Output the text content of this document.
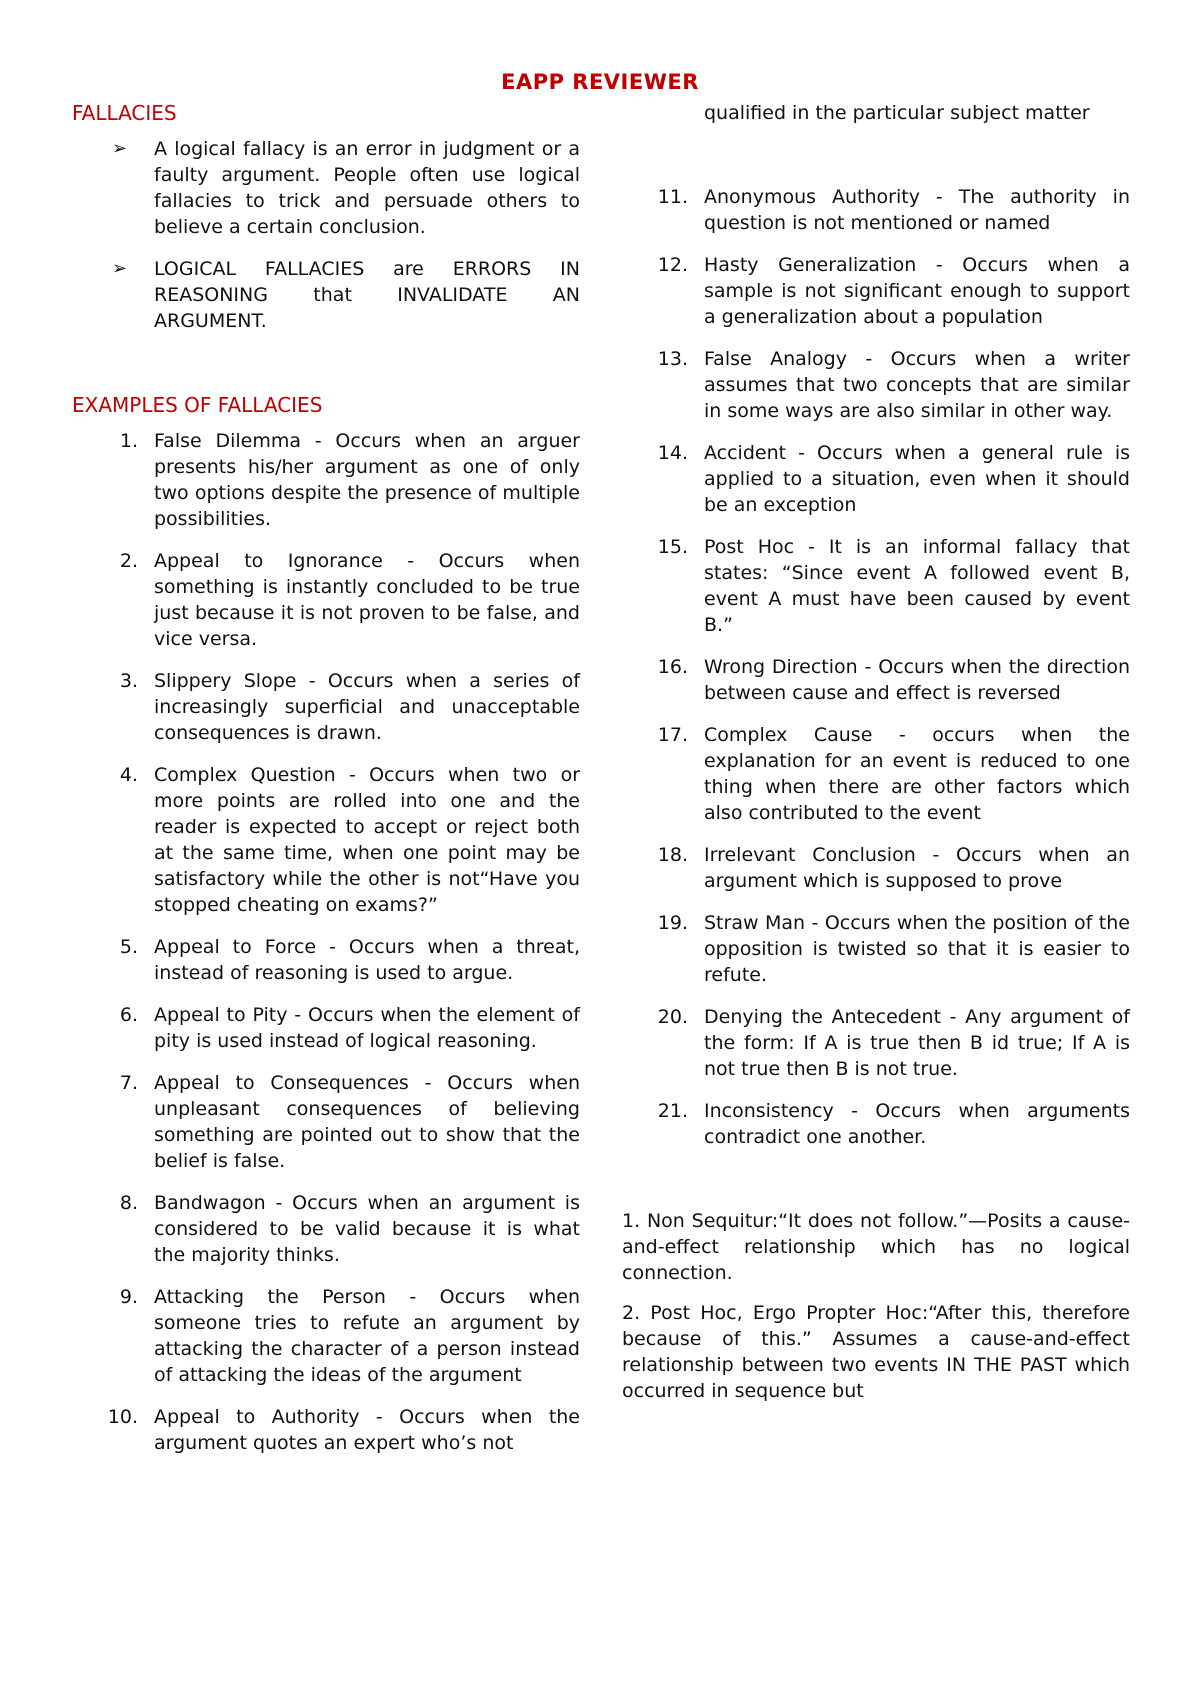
EAPP REVIEWER
FALLACIES
➢ A logical fallacy is an error in judgment or a faulty argument. People often use logical fallacies to trick and persuade others to believe a certain conclusion.
➢ LOGICAL FALLACIES are ERRORS IN REASONING that INVALIDATE AN ARGUMENT.
EXAMPLES OF FALLACIES
1. False Dilemma - Occurs when an arguer presents his/her argument as one of only two options despite the presence of multiple possibilities.
2. Appeal to Ignorance - Occurs when something is instantly concluded to be true just because it is not proven to be false, and vice versa.
3. Slippery Slope - Occurs when a series of increasingly superficial and unacceptable consequences is drawn.
4. Complex Question - Occurs when two or more points are rolled into one and the reader is expected to accept or reject both at the same time, when one point may be satisfactory while the other is not“Have you stopped cheating on exams?”
5. Appeal to Force - Occurs when a threat, instead of reasoning is used to argue.
6. Appeal to Pity - Occurs when the element of pity is used instead of logical reasoning.
7. Appeal to Consequences - Occurs when unpleasant consequences of believing something are pointed out to show that the belief is false.
8. Bandwagon - Occurs when an argument is considered to be valid because it is what the majority thinks.
9. Attacking the Person - Occurs when someone tries to refute an argument by attacking the character of a person instead of attacking the ideas of the argument
10. Appeal to Authority - Occurs when the argument quotes an expert who’s not

qualified in the particular subject matter

11. Anonymous Authority - The authority in question is not mentioned or named
12. Hasty Generalization - Occurs when a sample is not significant enough to support a generalization about a population
13. False Analogy - Occurs when a writer assumes that two concepts that are similar in some ways are also similar in other way.
14. Accident - Occurs when a general rule is applied to a situation, even when it should be an exception
15. Post Hoc - It is an informal fallacy that states: “Since event A followed event B, event A must have been caused by event B.”
16. Wrong Direction - Occurs when the direction between cause and effect is reversed
17. Complex Cause - occurs when the explanation for an event is reduced to one thing when there are other factors which also contributed to the event
18. Irrelevant Conclusion - Occurs when an argument which is supposed to prove
19. Straw Man - Occurs when the position of the opposition is twisted so that it is easier to refute.
20. Denying the Antecedent - Any argument of the form: If A is true then B id true; If A is not true then B is not true.
21. Inconsistency - Occurs when arguments contradict one another.

1. Non Sequitur:“It does not follow.”—Posits a cause-and-effect relationship which has no logical connection.

2. Post Hoc, Ergo Propter Hoc:“After this, therefore because of this.” Assumes a cause-and-effect relationship between two events IN THE PAST which occurred in sequence but
